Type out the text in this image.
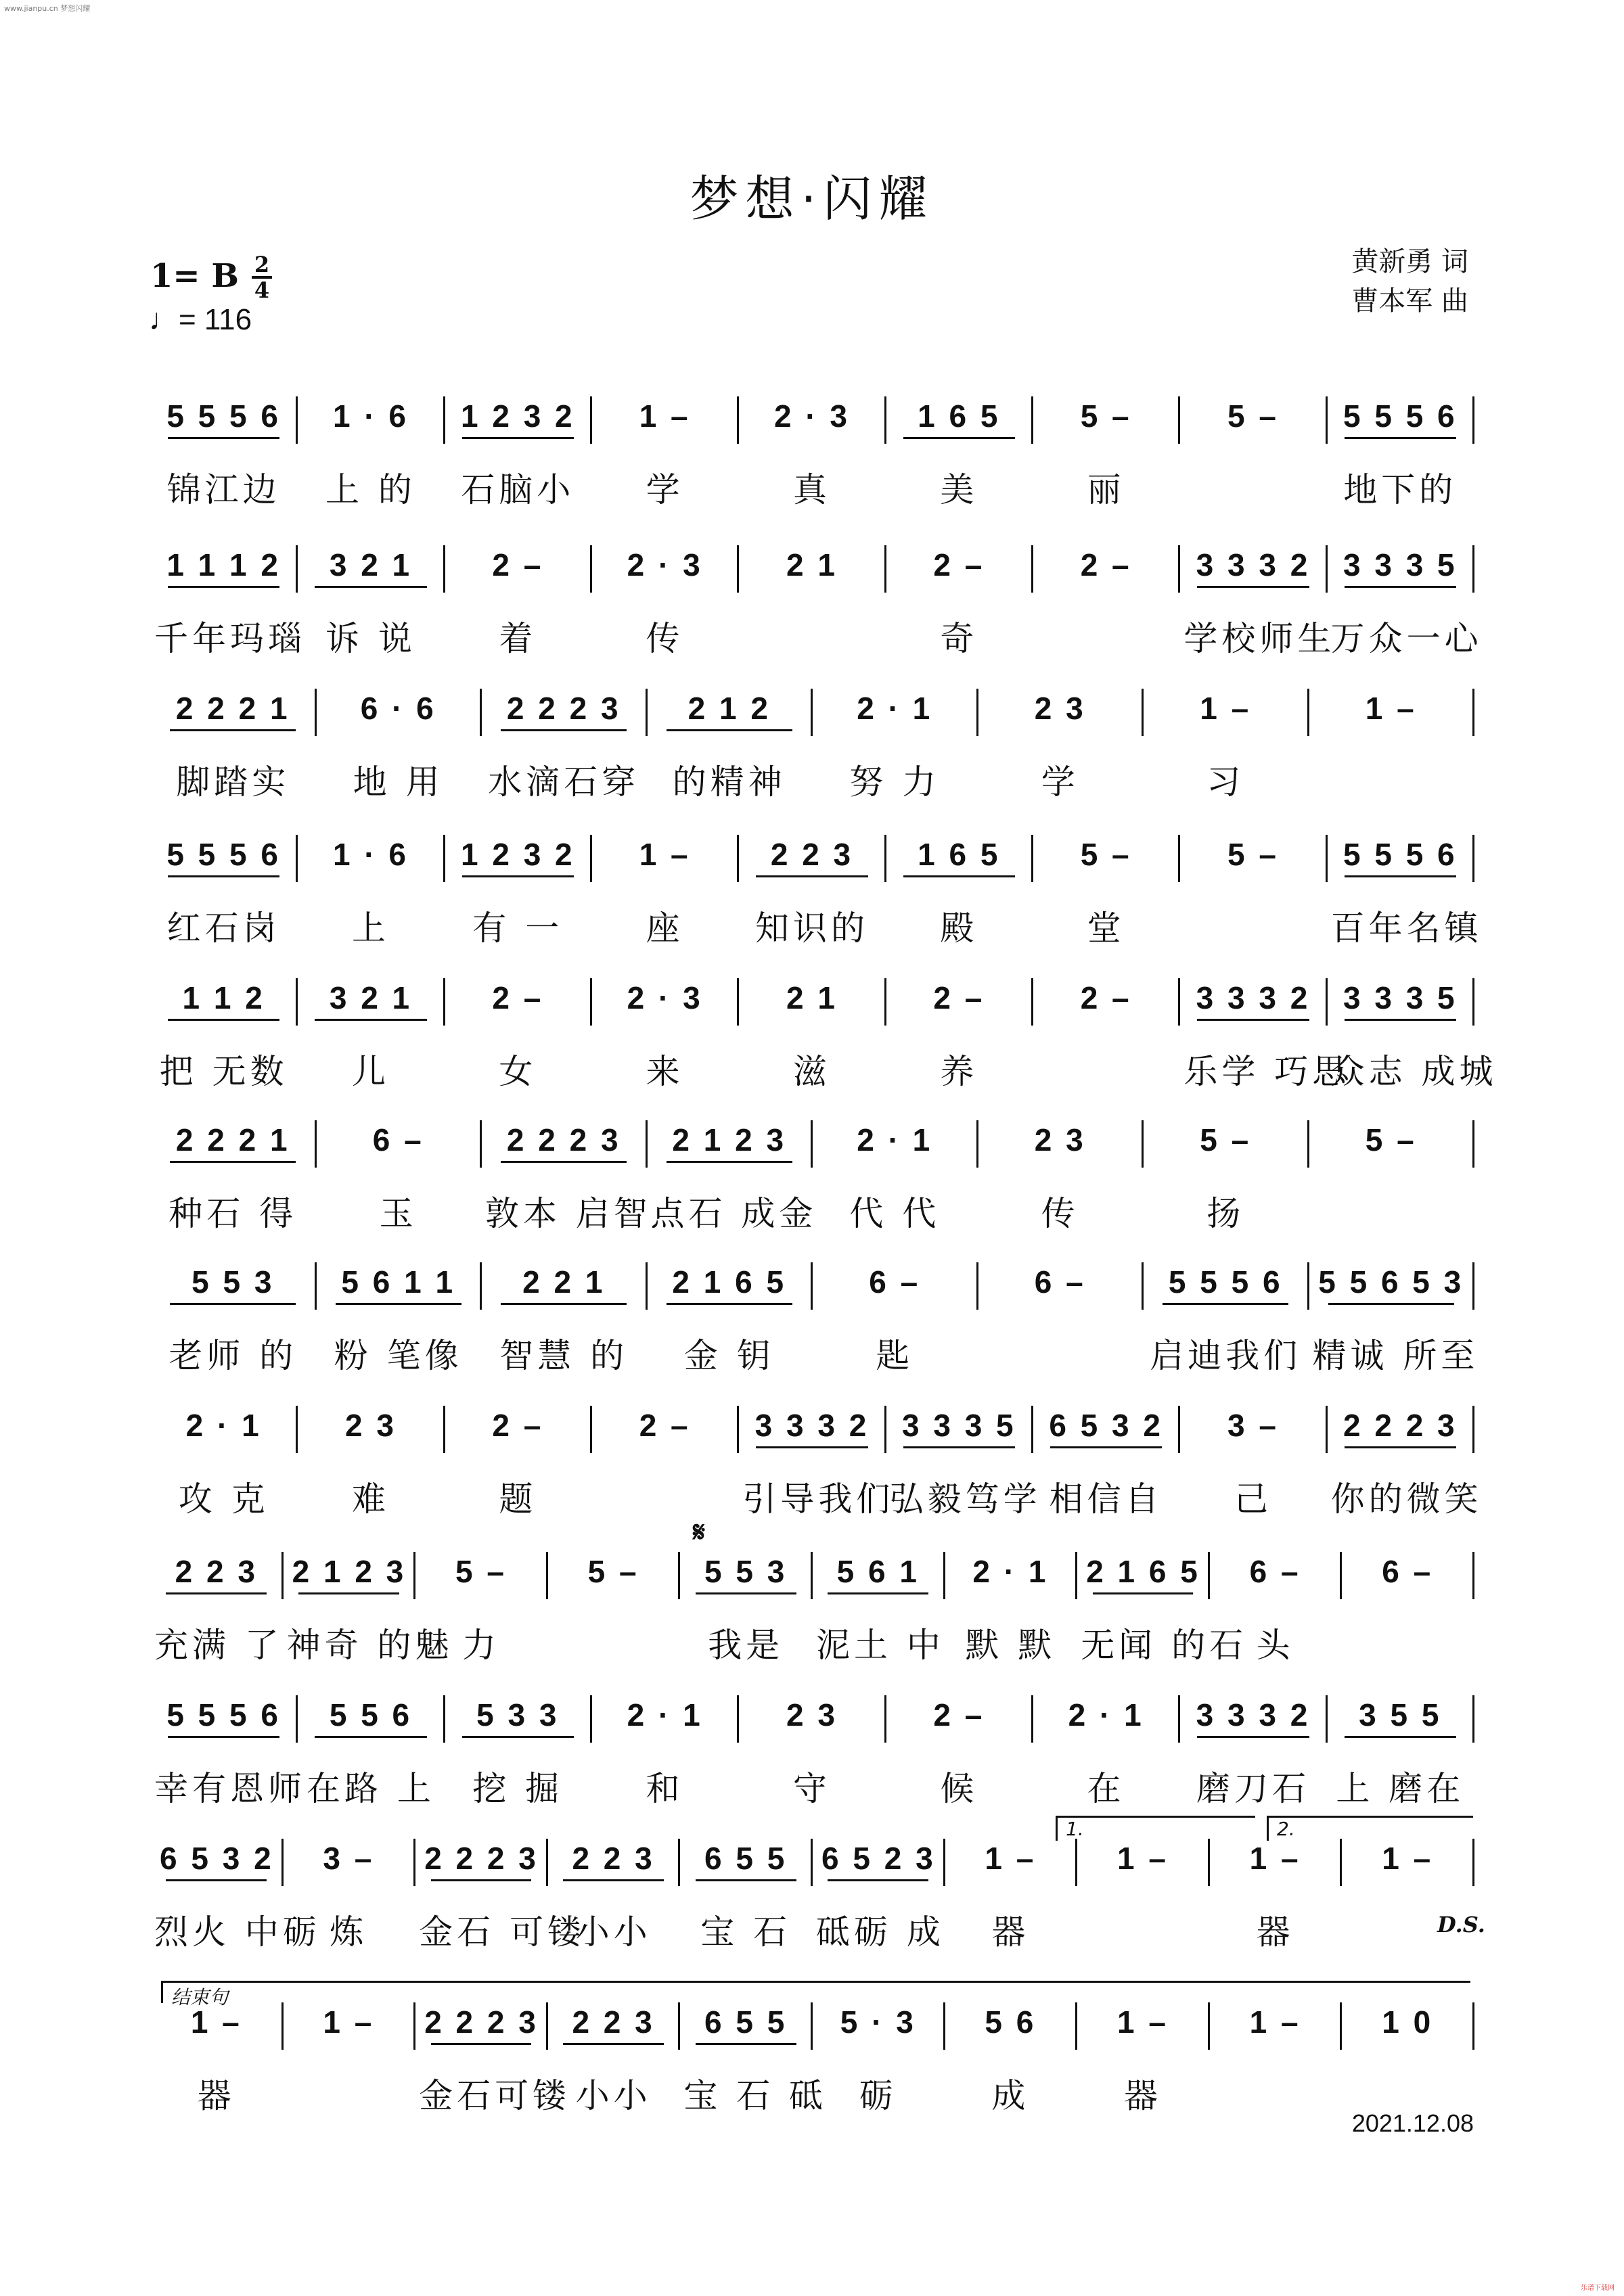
www.jianpu.cn 梦想闪耀
乐谱下载网
梦想·闪耀
1= B 2
4
♩= 116
黄新勇 词
曹本军 曲
5 5 5 6
锦江边
1 · 6
上 的
1 2 3 2
石脑小
1 –
学
2 · 3
真
1 6 5
美
5 –
丽
5 –	5 5 5 6
地下的
1 1 1 2
千年玛瑙
3 2 1
诉 说
2 –
着
2 · 3
传
2 1	2 –
奇
2 –	3 3 3 2
学校师生
3 3 3 5
万众一心
2 2 2 1
脚踏实
6 · 6
地 用
2 2 2 3
水滴石穿
2 1 2
的精神
2 · 1
努 力
2 3
学
1 –
习
1 –
5 5 5 6
红石岗
1 · 6
上
1 2 3 2
有 一
1 –
座
2 2 3
知识的
1 6 5
殿
5 –
堂
5 –	5 5 5 6
百年名镇
1 1 2
把 无数
3 2 1
儿
2 –
女
2 · 3
来
2 1
滋
2 –
养
2 –	3 3 3 2
乐学 巧思
3 3 3 5
众志 成城
2 2 2 1
种石 得
6 –
玉
2 2 2 3
敦本 启智
2 1 2 3
点石 成金
2 · 1
代 代
2 3
传
5 –
扬
5 –
5 5 3
老师 的
5 6 1 1
粉 笔像
2 2 1
智慧 的
2 1 6 5
金 钥
6 –
匙
6 –	5 5 5 6
启迪我们
5 5 6 5 3
精诚 所至
2 · 1
攻 克
2 3
难
2 –
题
2 –	3 3 3 2
引导我们
3 3 3 5
弘毅笃学
6 5 3 2
相信自
3 –
己
2 2 2 3
你的微笑
2 2 3
充满 了
2 1 2 3
神奇 的魅
5 –
力
5 –	5 5 3
我是
5 6 1
泥土 中
2 · 1
默 默
2 1 6 5
无闻 的石
6 –
头
6 –
5 5 5 6
幸有恩师
5 5 6
在路 上
5 3 3
挖 掘
2 · 1
和
2 3
守
2 –
候
2 · 1
在
3 3 3 2
磨刀石
3 5 5
上 磨在
6 5 3 2
烈火 中砺
3 –
炼
2 2 2 3
金石 可镂
2 2 3
小小
6 5 5
宝 石
6 5 2 3
砥砺 成
1 –
器
1 –	1 –
器
1 –
1 –
器
1 –	2 2 2 3
金石可镂
2 2 3
小小
6 5 5
宝 石 砥
5 · 3
砺
5 6
成
1 –
器
1 –	1 0
1.	2.
D.S.
结束句
𝄋
2021.12.08
